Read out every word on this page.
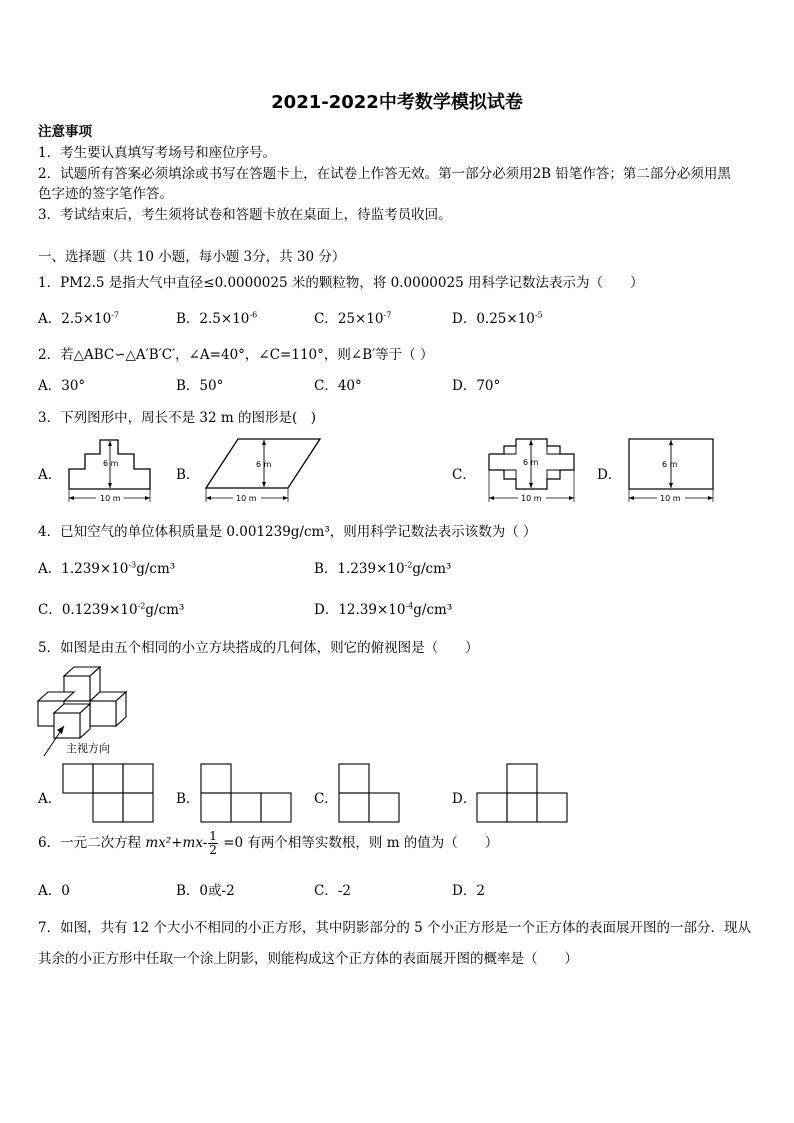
2021-2022中考数学模拟试卷
注意事项
1．考生要认真填写考场号和座位序号。
2．试题所有答案必须填涂或书写在答题卡上，在试卷上作答无效。第一部分必须用2B 铅笔作答；第二部分必须用黑
色字迹的签字笔作答。
3．考试结束后，考生须将试卷和答题卡放在桌面上，待监考员收回。
一、选择题（共 10 小题，每小题 3分，共 30 分）
1．PM2.5 是指大气中直径≤0.0000025 米的颗粒物，将 0.0000025 用科学记数法表示为（　　）
A．$2.5\times 10^{-7}$	B．$2.5\times 10^{-6}$	C．$25\times 10^{-7}$	D．$0.25\times 10^{-5}$
2．若△ABC∽△A′B′C′，∠A=40°，∠C=110°，则∠B′等于（ ）
A．30°	B．50°	C．40°	D．70°
3．下列图形中，周长不是 32 m 的图形是(　)
A．	B．	C．	D．
6 m
10 m
6 m
10 m
6 m
10 m
6 m
10 m
4．已知空气的单位体积质量是 0.001239g/cm³，则用科学记数法表示该数为（ ）
A．$1.239\times 10^{-3}g$/cm³	B．$1.239\times 10^{-2}g$/cm³
C．$0.1239\times 10^{-2}g$/cm³	D．$12.39\times 10^{-4}g$/cm³
5．如图是由五个相同的小立方块搭成的几何体，则它的俯视图是（　　）
主视方向
A．	B．	C．	D．
6．一元二次方程 $mx^2+mx- \frac{1}{2} =0$ 有两个相等实数根，则 m 的值为（　　）
A．0	B．0或-2	C．-2	D．2
7．如图，共有 12 个大小不相同的小正方形，其中阴影部分的 5 个小正方形是一个正方体的表面展开图的一部分．现从
其余的小正方形中任取一个涂上阴影，则能构成这个正方体的表面展开图的概率是（　　）
